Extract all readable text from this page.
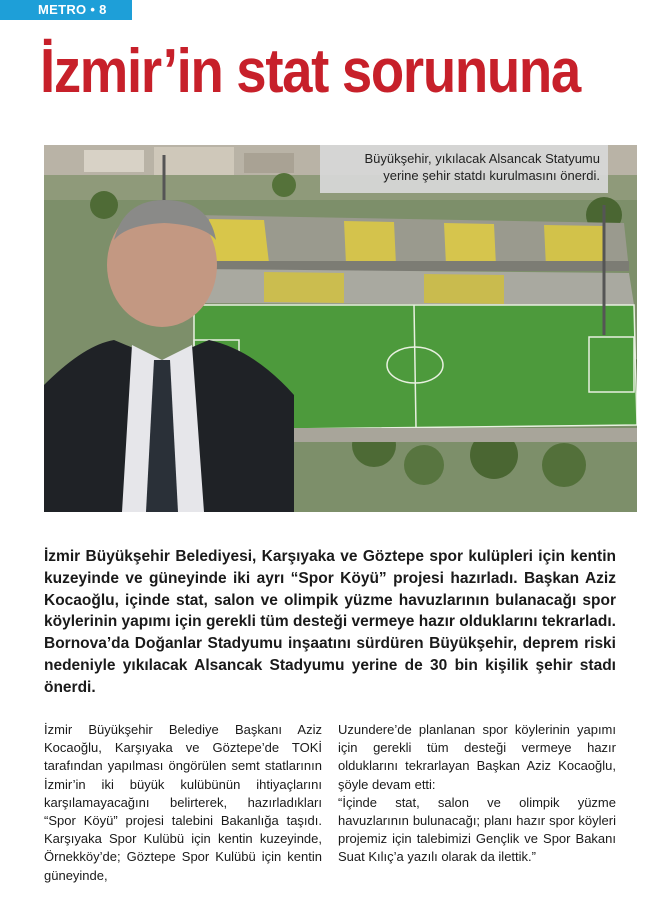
METRO • 8
İzmir’in stat sorununa
Büyükşehir, yıkılacak Alsancak Statyumu yerine şehir statdı kurulmasını önerdi.

İzmir Büyükşehir Belediyesi, Karşıyaka ve Göztepe spor kulüpleri için kentin kuzeyinde ve güneyinde iki ayrı “Spor Köyü” projesi hazırladı. Başkan Aziz Kocaoğlu, içinde stat, salon ve olimpik yüzme havuzlarının bulanacağı spor köylerinin yapımı için gerekli tüm desteği vermeye hazır olduklarını tekrarladı. Bornova’da Doğanlar Stadyumu inşaatını sürdüren Büyükşehir, deprem riski nedeniyle yıkılacak Alsancak Stadyumu yerine de 30 bin kişilik şehir stadı önerdi.

İzmir Büyükşehir Belediye Başkanı Aziz Kocaoğlu, Karşıyaka ve Göztepe’de TOKİ tarafından yapılması öngörülen semt statlarının İzmir’in iki büyük kulübünün ihtiyaçlarını karşılamayacağını belirterek, hazırladıkları “Spor Köyü” projesi talebini Bakanlığa taşıdı. Karşıyaka Spor Kulübü için kentin kuzeyinde, Örnekköy’de; Göztepe Spor Kulübü için kentin güneyinde,

Uzundere’de planlanan spor köylerinin yapımı için gerekli tüm desteği vermeye hazır olduklarını tekrarlayan Başkan Aziz Kocaoğlu, şöyle devam etti:

“İçinde stat, salon ve olimpik yüzme havuzlarının bulunacağı; planı hazır spor köyleri projemiz için talebimizi Gençlik ve Spor Bakanı Suat Kılıç’a yazılı olarak da ilettik.”
